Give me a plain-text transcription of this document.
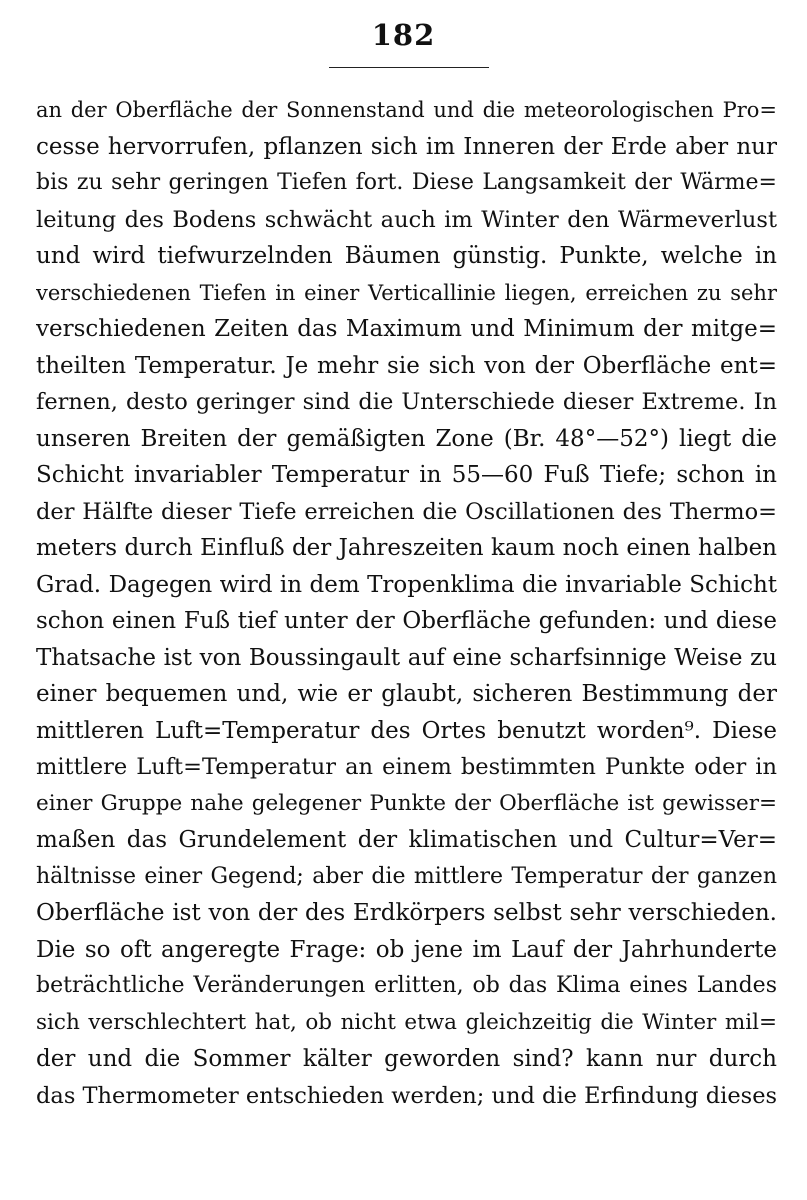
182
an der Oberfläche der Sonnenstand und die meteorologischen Pro=
cesse hervorrufen, pflanzen sich im Inneren der Erde aber nur
bis zu sehr geringen Tiefen fort. Diese Langsamkeit der Wärme=
leitung des Bodens schwächt auch im Winter den Wärmeverlust
und wird tiefwurzelnden Bäumen günstig. Punkte, welche in
verschiedenen Tiefen in einer Verticallinie liegen, erreichen zu sehr
verschiedenen Zeiten das Maximum und Minimum der mitge=
theilten Temperatur. Je mehr sie sich von der Oberfläche ent=
fernen, desto geringer sind die Unterschiede dieser Extreme. In
unseren Breiten der gemäßigten Zone (Br. 48°—52°) liegt die
Schicht invariabler Temperatur in 55—60 Fuß Tiefe; schon in
der Hälfte dieser Tiefe erreichen die Oscillationen des Thermo=
meters durch Einfluß der Jahreszeiten kaum noch einen halben
Grad. Dagegen wird in dem Tropenklima die invariable Schicht
schon einen Fuß tief unter der Oberfläche gefunden: und diese
Thatsache ist von Boussingault auf eine scharfsinnige Weise zu
einer bequemen und, wie er glaubt, sicheren Bestimmung der
mittleren Luft=Temperatur des Ortes benutzt worden⁹. Diese
mittlere Luft=Temperatur an einem bestimmten Punkte oder in
einer Gruppe nahe gelegener Punkte der Oberfläche ist gewisser=
maßen das Grundelement der klimatischen und Cultur=Ver=
hältnisse einer Gegend; aber die mittlere Temperatur der ganzen
Oberfläche ist von der des Erdkörpers selbst sehr verschieden.
Die so oft angeregte Frage: ob jene im Lauf der Jahrhunderte
beträchtliche Veränderungen erlitten, ob das Klima eines Landes
sich verschlechtert hat, ob nicht etwa gleichzeitig die Winter mil=
der und die Sommer kälter geworden sind? kann nur durch
das Thermometer entschieden werden; und die Erfindung dieses
